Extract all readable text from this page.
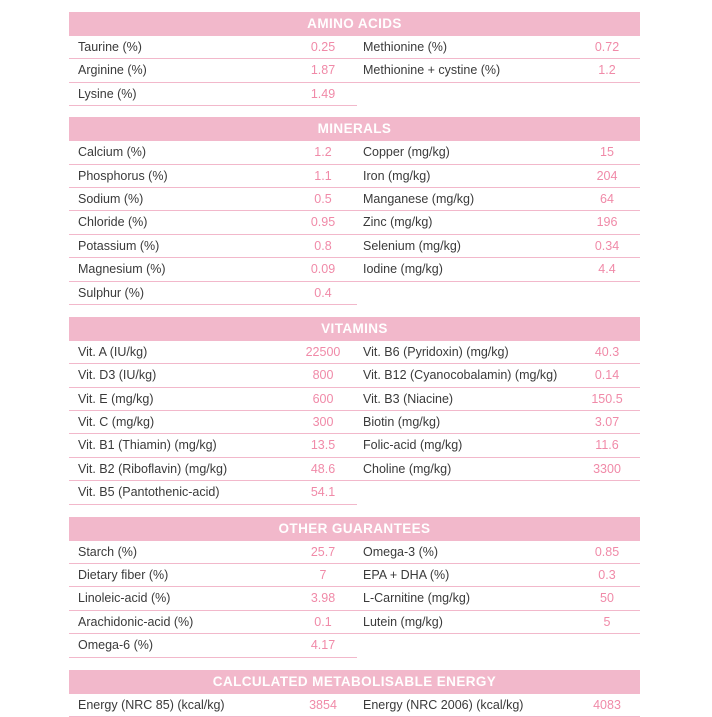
AMINO ACIDS
Taurine (%)	0.25	Methionine (%)	0.72
Arginine (%)	1.87	Methionine + cystine (%)	1.2
Lysine (%)	1.49
MINERALS
Calcium (%)	1.2	Copper (mg/kg)	15
Phosphorus (%)	1.1	Iron (mg/kg)	204
Sodium (%)	0.5	Manganese (mg/kg)	64
Chloride (%)	0.95	Zinc (mg/kg)	196
Potassium (%)	0.8	Selenium (mg/kg)	0.34
Magnesium (%)	0.09	Iodine (mg/kg)	4.4
Sulphur (%)	0.4
VITAMINS
Vit. A (IU/kg)	22500	Vit. B6 (Pyridoxin) (mg/kg)	40.3
Vit. D3 (IU/kg)	800	Vit. B12 (Cyanocobalamin) (mg/kg)	0.14
Vit. E (mg/kg)	600	Vit. B3 (Niacine)	150.5
Vit. C (mg/kg)	300	Biotin (mg/kg)	3.07
Vit. B1 (Thiamin) (mg/kg)	13.5	Folic-acid (mg/kg)	11.6
Vit. B2 (Riboflavin) (mg/kg)	48.6	Choline (mg/kg)	3300
Vit. B5 (Pantothenic-acid)	54.1
OTHER GUARANTEES
Starch (%)	25.7	Omega-3 (%)	0.85
Dietary fiber (%)	7	EPA + DHA (%)	0.3
Linoleic-acid (%)	3.98	L-Carnitine (mg/kg)	50
Arachidonic-acid (%)	0.1	Lutein (mg/kg)	5
Omega-6 (%)	4.17
CALCULATED METABOLISABLE ENERGY
Energy (NRC 85) (kcal/kg)	3854	Energy (NRC 2006) (kcal/kg)	4083
